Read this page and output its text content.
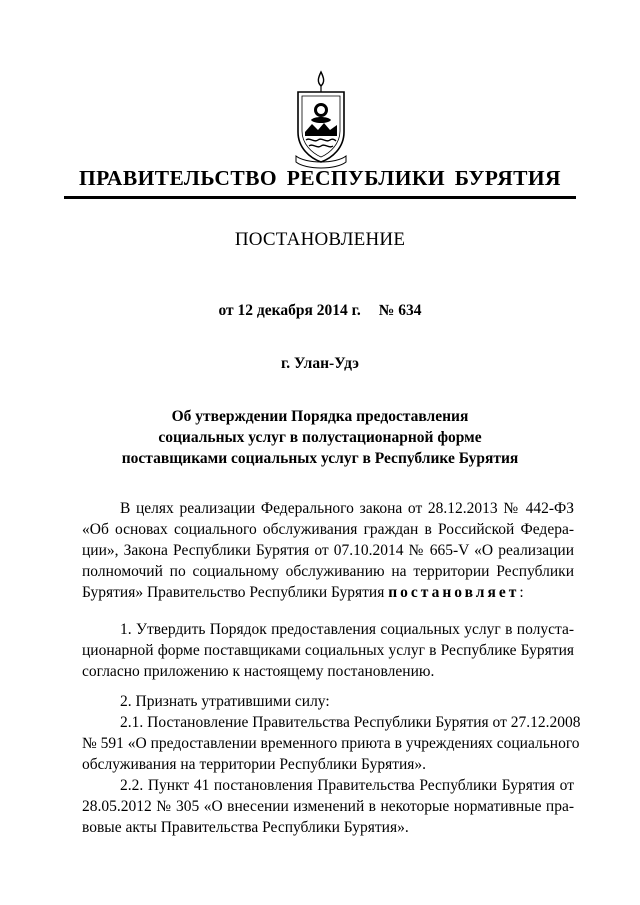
ПРАВИТЕЛЬСТВО РЕСПУБЛИКИ БУРЯТИЯ
ПОСТАНОВЛЕНИЕ
от 12 декабря 2014 г. № 634
г. Улан-Удэ
Об утверждении Порядка предоставления
социальных услуг в полустационарной форме
поставщиками социальных услуг в Республике Бурятия
В целях реализации Федерального закона от 28.12.2013 № 442-ФЗ
«Об основах социального обслуживания граждан в Российской Федера-
ции», Закона Республики Бурятия от 07.10.2014 № 665-V «О реализации
полномочий по социальному обслуживанию на территории Республики
Бурятия» Правительство Республики Бурятия постановляет:
1. Утвердить Порядок предоставления социальных услуг в полуста-
ционарной форме поставщиками социальных услуг в Республике Бурятия
согласно приложению к настоящему постановлению.
2. Признать утратившими силу:
2.1. Постановление Правительства Республики Бурятия от 27.12.2008
№ 591 «О предоставлении временного приюта в учреждениях социального
обслуживания на территории Республики Бурятия».
2.2. Пункт 41 постановления Правительства Республики Бурятия от
28.05.2012 № 305 «О внесении изменений в некоторые нормативные пра-
вовые акты Правительства Республики Бурятия».
